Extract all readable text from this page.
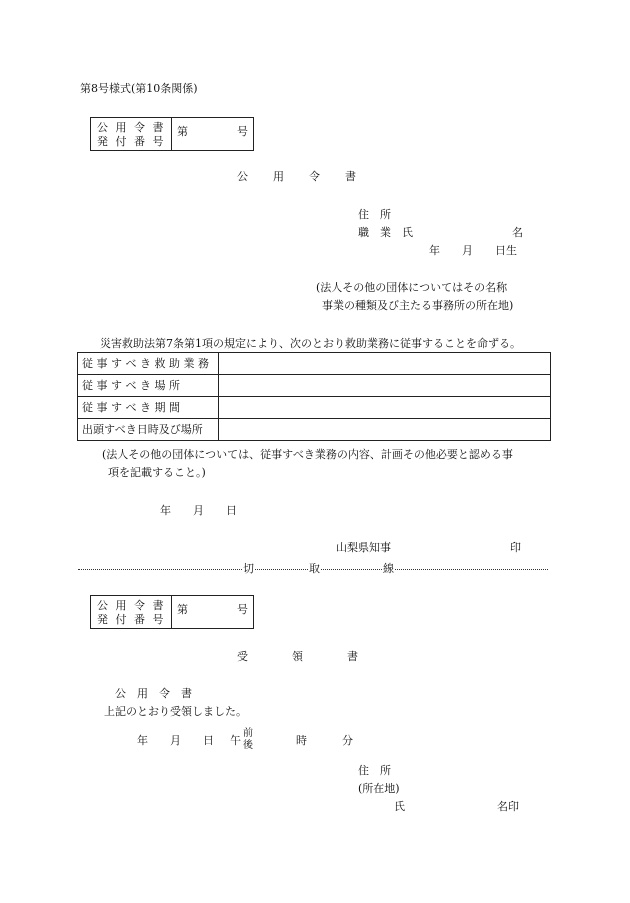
第8号様式(第10条関係)
公 用 令 書
発 付 番 号
第	号
公　　用　　令　　書
住　所
職　業　氏	名
年　　月　　日生
(法人その他の団体についてはその名称
事業の種類及び主たる事務所の所在地)
災害救助法第7条第1項の規定により、次のとおり救助業務に従事することを命ずる。
従 事 す べ き 救 助 業 務	
従 事 す べ き 場 所	
従 事 す べ き 期 間	
出頭すべき日時及び場所	
(法人その他の団体については、従事すべき業務の内容、計画その他必要と認める事
項を記載すること。)
年　　月　　日
山梨県知事	印
切	取	線
公 用 令 書
発 付 番 号
第	号
受　　　　領　　　　書
公　用　令　書
上記のとおり受領しました。
年　　月　　日 午
前
後	時	分
住　所
(所在地)
氏	名印
